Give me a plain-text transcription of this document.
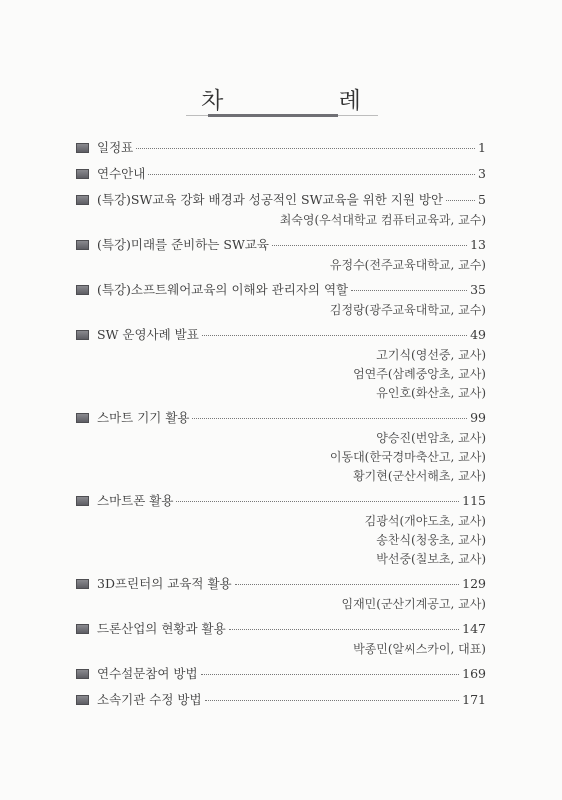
차 례
일정표	1
연수안내	3
(특강)SW교육 강화 배경과 성공적인 SW교육을 위한 지원 방안	5
최숙영(우석대학교 컴퓨터교육과, 교수)
(특강)미래를 준비하는 SW교육	13
유정수(전주교육대학교, 교수)
(특강)소프트웨어교육의 이해와 관리자의 역할	35
김정랑(광주교육대학교, 교수)
SW 운영사례 발표	49
고기식(영선중, 교사)
엄연주(삼례중앙초, 교사)
유인호(화산초, 교사)
스마트 기기 활용	99
양승진(번암초, 교사)
이동대(한국경마축산고, 교사)
황기현(군산서해초, 교사)
스마트폰 활용	115
김광석(개야도초, 교사)
송찬식(청웅초, 교사)
박선중(칠보초, 교사)
3D프린터의 교육적 활용	129
임재민(군산기계공고, 교사)
드론산업의 현황과 활용	147
박종민(알씨스카이, 대표)
연수설문참여 방법	169
소속기관 수정 방법	171
